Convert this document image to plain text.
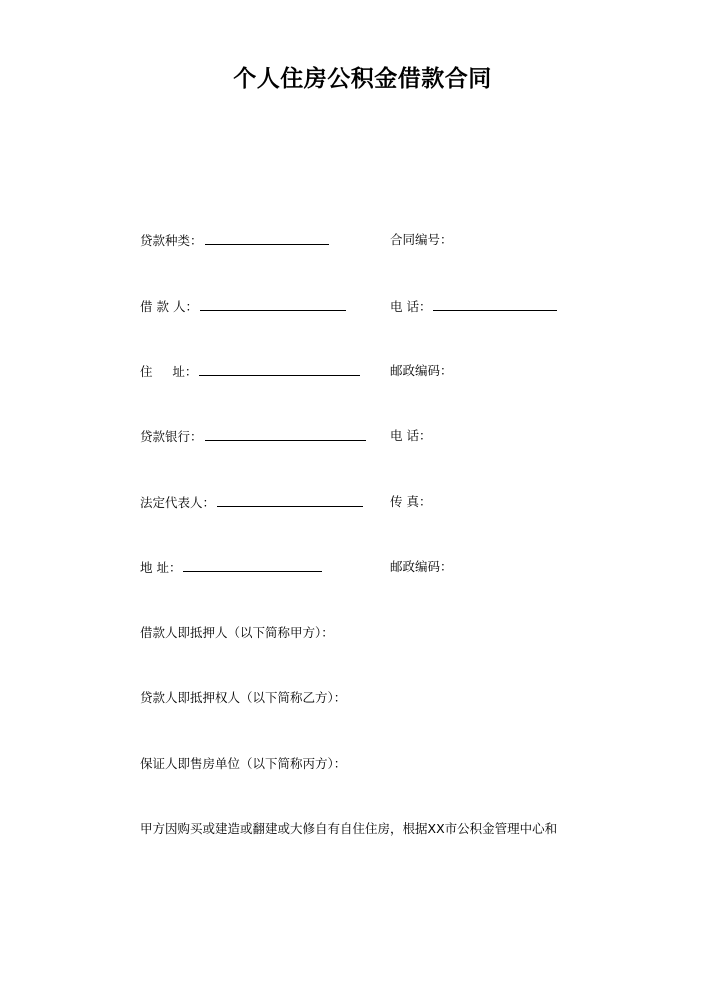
个人住房公积金借款合同
贷款种类：	合同编号：
借 款 人：	电 话：
住     址：	邮政编码：
贷款银行：	电 话：
法定代表人：	传 真：
地 址：	邮政编码：
借款人即抵押人（以下简称甲方）：
贷款人即抵押权人（以下简称乙方）：
保证人即售房单位（以下简称丙方）：
甲方因购买或建造或翻建或大修自有自住住房，根据XX市公积金管理中心和
